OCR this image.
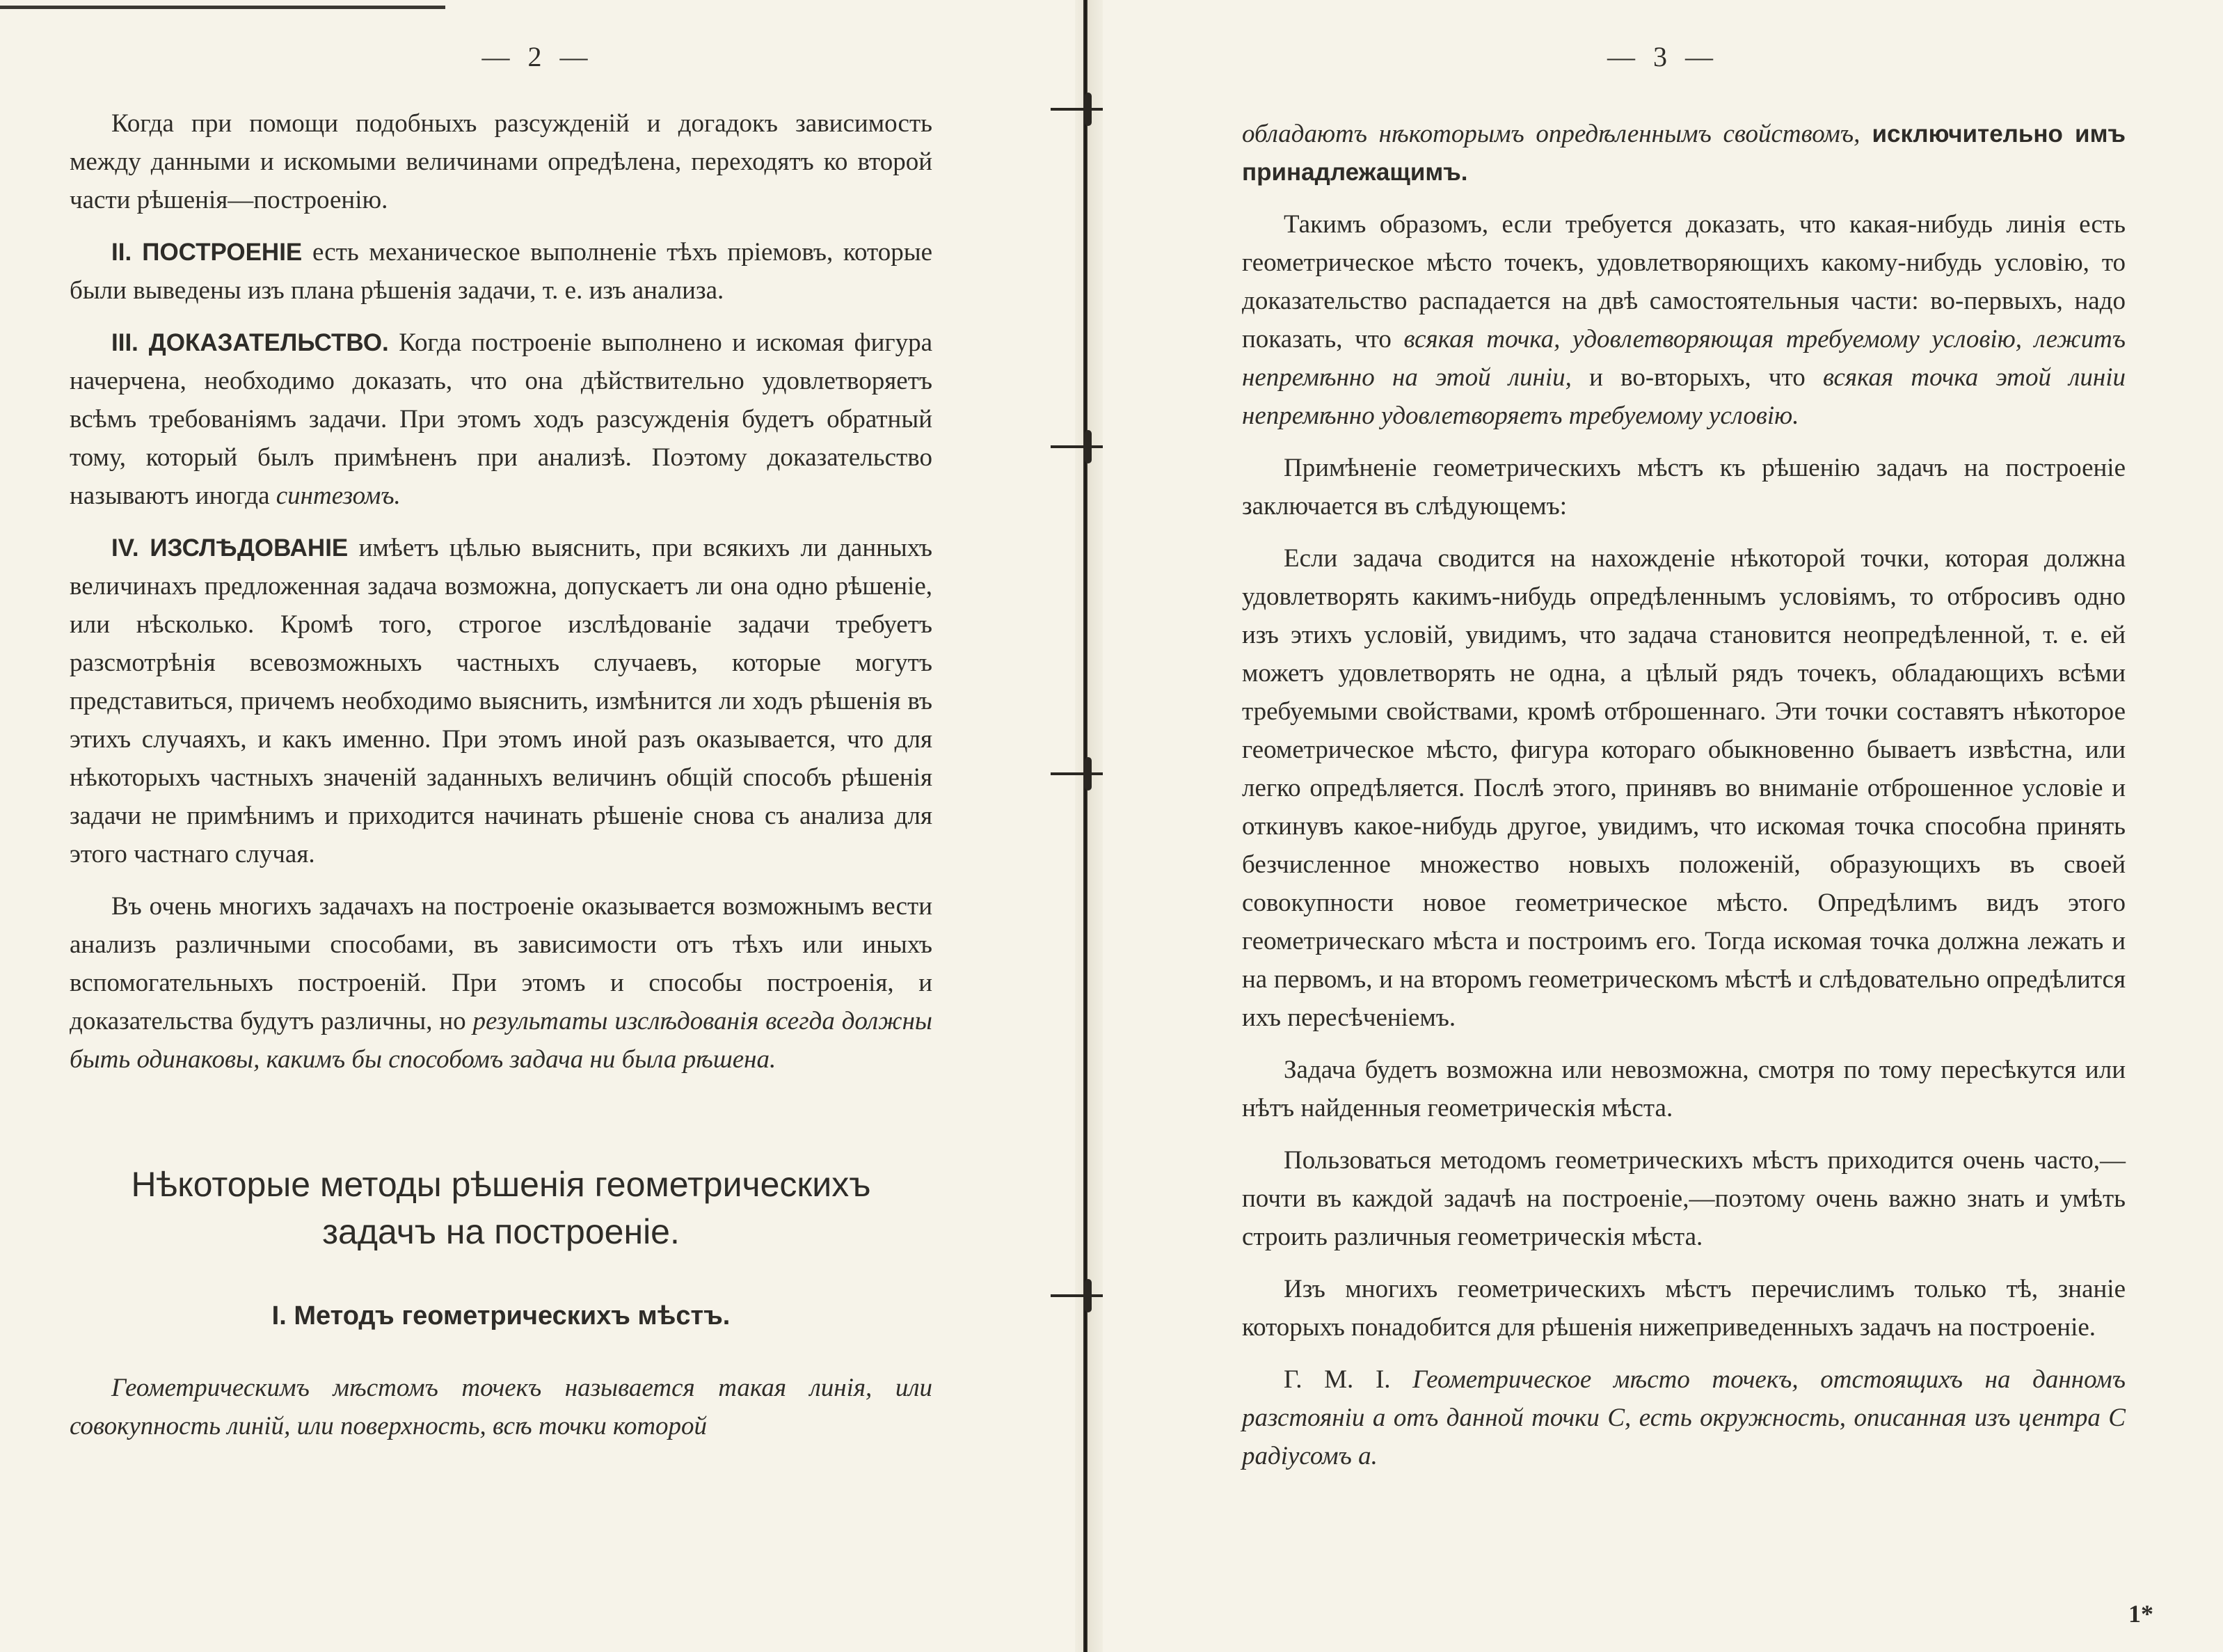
— 2 —

Когда при помощи подобныхъ разсужденій и догадокъ зависимость между данными и искомыми величинами опредѣлена, переходятъ ко второй части рѣшенія—построенію.

II. ПОСТРОЕНІЕ есть механическое выполненіе тѣхъ пріемовъ, которые были выведены изъ плана рѣшенія задачи, т. е. изъ анализа.

III. ДОКАЗАТЕЛЬСТВО. Когда построеніе выполнено и искомая фигура начерчена, необходимо доказать, что она дѣйствительно удовлетворяетъ всѣмъ требованіямъ задачи. При этомъ ходъ разсужденія будетъ обратный тому, который былъ примѣненъ при анализѣ. Поэтому доказательство называютъ иногда синтезомъ.

IV. ИЗСЛѢДОВАНІЕ имѣетъ цѣлью выяснить, при всякихъ ли данныхъ величинахъ предложенная задача возможна, допускаетъ ли она одно рѣшеніе, или нѣсколько. Кромѣ того, строгое изслѣдованіе задачи требуетъ разсмотрѣнія всевозможныхъ частныхъ случаевъ, которые могутъ представиться, причемъ необходимо выяснить, измѣнится ли ходъ рѣшенія въ этихъ случаяхъ, и какъ именно. При этомъ иной разъ оказывается, что для нѣкоторыхъ частныхъ значеній заданныхъ величинъ общій способъ рѣшенія задачи не примѣнимъ и приходится начинать рѣшеніе снова съ анализа для этого частнаго случая.

Въ очень многихъ задачахъ на построеніе оказывается возможнымъ вести анализъ различными способами, въ зависимости отъ тѣхъ или иныхъ вспомогательныхъ построеній. При этомъ и способы построенія, и доказательства будутъ различны, но результаты изслѣдованія всегда должны быть одинаковы, какимъ бы способомъ задача ни была рѣшена.

Нѣкоторые методы рѣшенія геометрическихъ задачъ на построеніе.

I. Методъ геометрическихъ мѣстъ.

Геометрическимъ мѣстомъ точекъ называется такая линія, или совокупность линій, или поверхность, всѣ точки которой

— 3 —

обладаютъ нѣкоторымъ опредѣленнымъ свойствомъ, исключительно имъ принадлежащимъ.

Такимъ образомъ, если требуется доказать, что какая-нибудь линія есть геометрическое мѣсто точекъ, удовлетворяющихъ какому-нибудь условію, то доказательство распадается на двѣ самостоятельныя части: во-первыхъ, надо показать, что всякая точка, удовлетворяющая требуемому условію, лежитъ непремѣнно на этой линіи, и во-вторыхъ, что всякая точка этой линіи непремѣнно удовлетворяетъ требуемому условію.

Примѣненіе геометрическихъ мѣстъ къ рѣшенію задачъ на построеніе заключается въ слѣдующемъ:

Если задача сводится на нахожденіе нѣкоторой точки, которая должна удовлетворять какимъ-нибудь опредѣленнымъ условіямъ, то отбросивъ одно изъ этихъ условій, увидимъ, что задача становится неопредѣленной, т. е. ей можетъ удовлетворять не одна, а цѣлый рядъ точекъ, обладающихъ всѣми требуемыми свойствами, кромѣ отброшеннаго. Эти точки составятъ нѣкоторое геометрическое мѣсто, фигура котораго обыкновенно бываетъ извѣстна, или легко опредѣляется. Послѣ этого, принявъ во вниманіе отброшенное условіе и откинувъ какое-нибудь другое, увидимъ, что искомая точка способна принять безчисленное множество новыхъ положеній, образующихъ въ своей совокупности новое геометрическое мѣсто. Опредѣлимъ видъ этого геометрическаго мѣста и построимъ его. Тогда искомая точка должна лежать и на первомъ, и на второмъ геометрическомъ мѣстѣ и слѣдовательно опредѣлится ихъ пересѣченіемъ.

Задача будетъ возможна или невозможна, смотря по тому пересѣкутся или нѣтъ найденныя геометрическія мѣста.

Пользоваться методомъ геометрическихъ мѣстъ приходится очень часто,—почти въ каждой задачѣ на построеніе,—поэтому очень важно знать и умѣть строить различныя геометрическія мѣста.

Изъ многихъ геометрическихъ мѣстъ перечислимъ только тѣ, знаніе которыхъ понадобится для рѣшенія нижеприведенныхъ задачъ на построеніе.

Г. М. I. Геометрическое мѣсто точекъ, отстоящихъ на данномъ разстояніи a отъ данной точки C, есть окружность, описанная изъ центра C радіусомъ a.

1*
